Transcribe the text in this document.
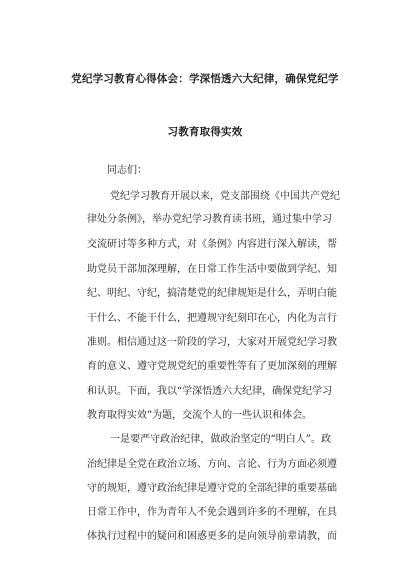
党纪学习教育心得体会：学深悟透六大纪律，确保党纪学
习教育取得实效
同志们：
党纪学习教育开展以来，党支部围绕《中国共产党纪
律处分条例》，举办党纪学习教育读书班，通过集中学习
交流研讨等多种方式，对《条例》内容进行深入解读，帮
助党员干部加深理解，在日常工作生活中要做到学纪、知
纪、明纪、守纪，搞清楚党的纪律规矩是什么，弄明白能
干什么、不能干什么，把遵规守纪刻印在心，内化为言行
准则。相信通过这一阶段的学习，大家对开展党纪学习教
育的意义、遵守党规党纪的重要性等有了更加深刻的理解
和认识。下面，我以“学深悟透六大纪律，确保党纪学习
教育取得实效”为题，交流个人的一些认识和体会。
一是要严守政治纪律，做政治坚定的“明白人”。政
治纪律是全党在政治立场、方向、言论、行为方面必须遵
守的规矩，遵守政治纪律是遵守党的全部纪律的重要基础
日常工作中，作为青年人不免会遇到许多的不理解，在具
体执行过程中的疑问和困惑更多的是向领导前辈请教，而
